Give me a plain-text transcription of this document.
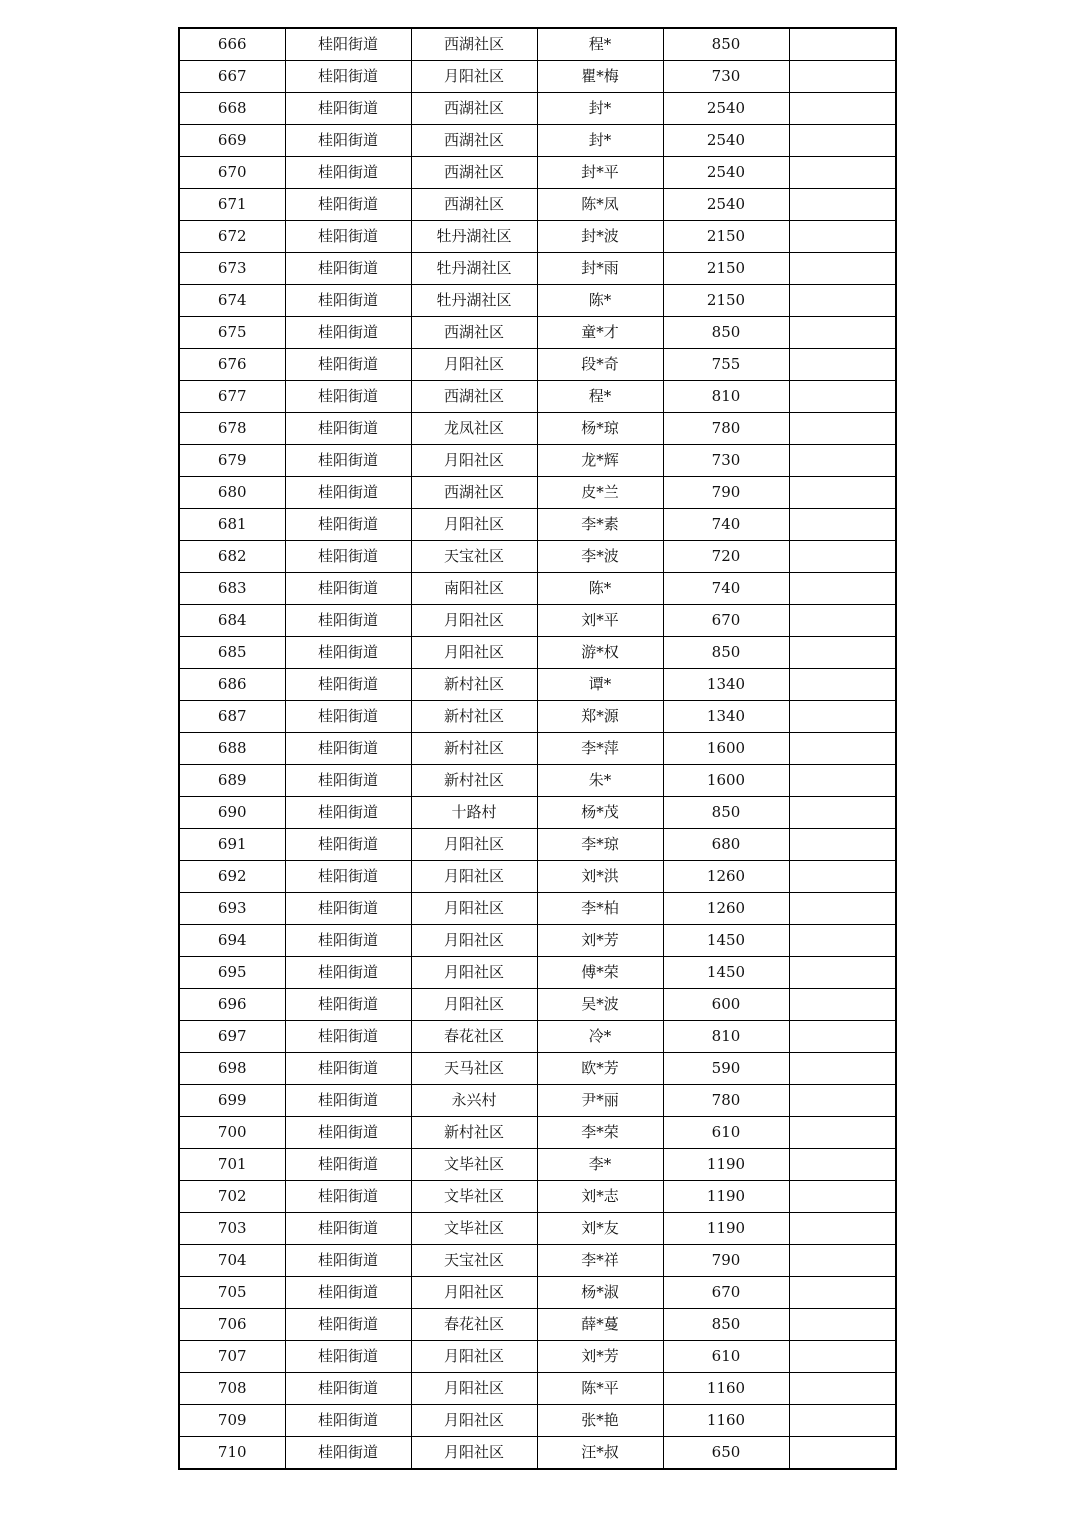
666	桂阳街道	西湖社区	程*	850	
667	桂阳街道	月阳社区	瞿*梅	730	
668	桂阳街道	西湖社区	封*	2540	
669	桂阳街道	西湖社区	封*	2540	
670	桂阳街道	西湖社区	封*平	2540	
671	桂阳街道	西湖社区	陈*凤	2540	
672	桂阳街道	牡丹湖社区	封*波	2150	
673	桂阳街道	牡丹湖社区	封*雨	2150	
674	桂阳街道	牡丹湖社区	陈*	2150	
675	桂阳街道	西湖社区	童*才	850	
676	桂阳街道	月阳社区	段*奇	755	
677	桂阳街道	西湖社区	程*	810	
678	桂阳街道	龙凤社区	杨*琼	780	
679	桂阳街道	月阳社区	龙*辉	730	
680	桂阳街道	西湖社区	皮*兰	790	
681	桂阳街道	月阳社区	李*素	740	
682	桂阳街道	天宝社区	李*波	720	
683	桂阳街道	南阳社区	陈*	740	
684	桂阳街道	月阳社区	刘*平	670	
685	桂阳街道	月阳社区	游*权	850	
686	桂阳街道	新村社区	谭*	1340	
687	桂阳街道	新村社区	郑*源	1340	
688	桂阳街道	新村社区	李*萍	1600	
689	桂阳街道	新村社区	朱*	1600	
690	桂阳街道	十路村	杨*茂	850	
691	桂阳街道	月阳社区	李*琼	680	
692	桂阳街道	月阳社区	刘*洪	1260	
693	桂阳街道	月阳社区	李*柏	1260	
694	桂阳街道	月阳社区	刘*芳	1450	
695	桂阳街道	月阳社区	傅*荣	1450	
696	桂阳街道	月阳社区	吴*波	600	
697	桂阳街道	春花社区	冷*	810	
698	桂阳街道	天马社区	欧*芳	590	
699	桂阳街道	永兴村	尹*丽	780	
700	桂阳街道	新村社区	李*荣	610	
701	桂阳街道	文毕社区	李*	1190	
702	桂阳街道	文毕社区	刘*志	1190	
703	桂阳街道	文毕社区	刘*友	1190	
704	桂阳街道	天宝社区	李*祥	790	
705	桂阳街道	月阳社区	杨*淑	670	
706	桂阳街道	春花社区	薛*蔓	850	
707	桂阳街道	月阳社区	刘*芳	610	
708	桂阳街道	月阳社区	陈*平	1160	
709	桂阳街道	月阳社区	张*艳	1160	
710	桂阳街道	月阳社区	汪*叔	650	
